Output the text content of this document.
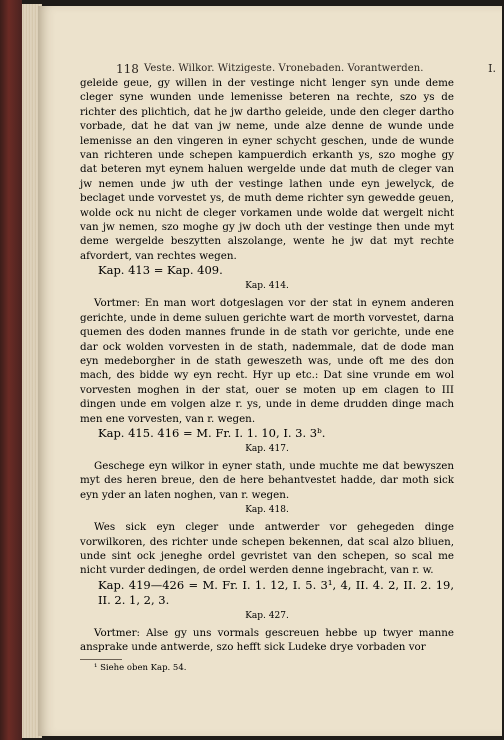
118 Veste. Wilkor. Witzigeste. Vronebaden. Vorantwerden.	I.

geleide geue, gy willen in der vestinge nicht lenger syn unde deme cleger syne wunden unde lemenisse beteren na rechte, szo ys de richter des plichtich, dat he jw dartho geleide, unde den cleger dartho vorbade, dat he dat van jw neme, unde alze denne de wunde unde lemenisse an den vingeren in eyner schycht geschen, unde de wunde van richteren unde schepen kampuerdich erkanth ys, szo moghe gy dat beteren myt eynem haluen wergelde unde dat muth de cleger van jw nemen unde jw uth der vestinge lathen unde eyn jewelyck, de beclaget unde vorvestet ys, de muth deme richter syn gewedde geuen, wolde ock nu nicht de cleger vorkamen unde wolde dat wergelt nicht van jw nemen, szo moghe gy jw doch uth der vestinge then unde myt deme wergelde beszytten alszolange, wente he jw dat myt rechte afvordert, van rechtes wegen.

Kap. 413 = Kap. 409.

Kap. 414.

Vortmer: En man wort dotgeslagen vor der stat in eynem anderen gerichte, unde in deme suluen gerichte wart de morth vorvestet, darna quemen des doden mannes frunde in de stath vor gerichte, unde ene dar ock wolden vorvesten in de stath, nademmale, dat de dode man eyn medeborgher in de stath geweszeth was, unde oft me des don mach, des bidde wy eyn recht. Hyr up etc.: Dat sine vrunde em wol vorvesten moghen in der stat, ouer se moten up em clagen to III dingen unde em volgen alze r. ys, unde in deme drudden dinge mach men ene vorvesten, van r. wegen.

Kap. 415. 416 = M. Fr. I. 1. 10, I. 3. 3ᵇ.

Kap. 417.

Geschege eyn wilkor in eyner stath, unde muchte me dat bewyszen myt des heren breue, den de here behantvestet hadde, dar moth sick eyn yder an laten noghen, van r. wegen.

Kap. 418.

Wes sick eyn cleger unde antwerder vor gehegeden dinge vorwilkoren, des richter unde schepen bekennen, dat scal alzo bliuen, unde sint ock jeneghe ordel gevristet van den schepen, so scal me nicht vurder dedingen, de ordel werden denne ingebracht, van r. w.

Kap. 419—426 = M. Fr. I. 1. 12, I. 5. 3¹, 4, II. 4. 2, II. 2. 19, II. 2. 1, 2, 3.

Kap. 427.

Vortmer: Alse gy uns vormals gescreuen hebbe up twyer manne ansprake unde antwerde, szo hefft sick Ludeke drye vorbaden vor

¹ Siehe oben Kap. 54.
